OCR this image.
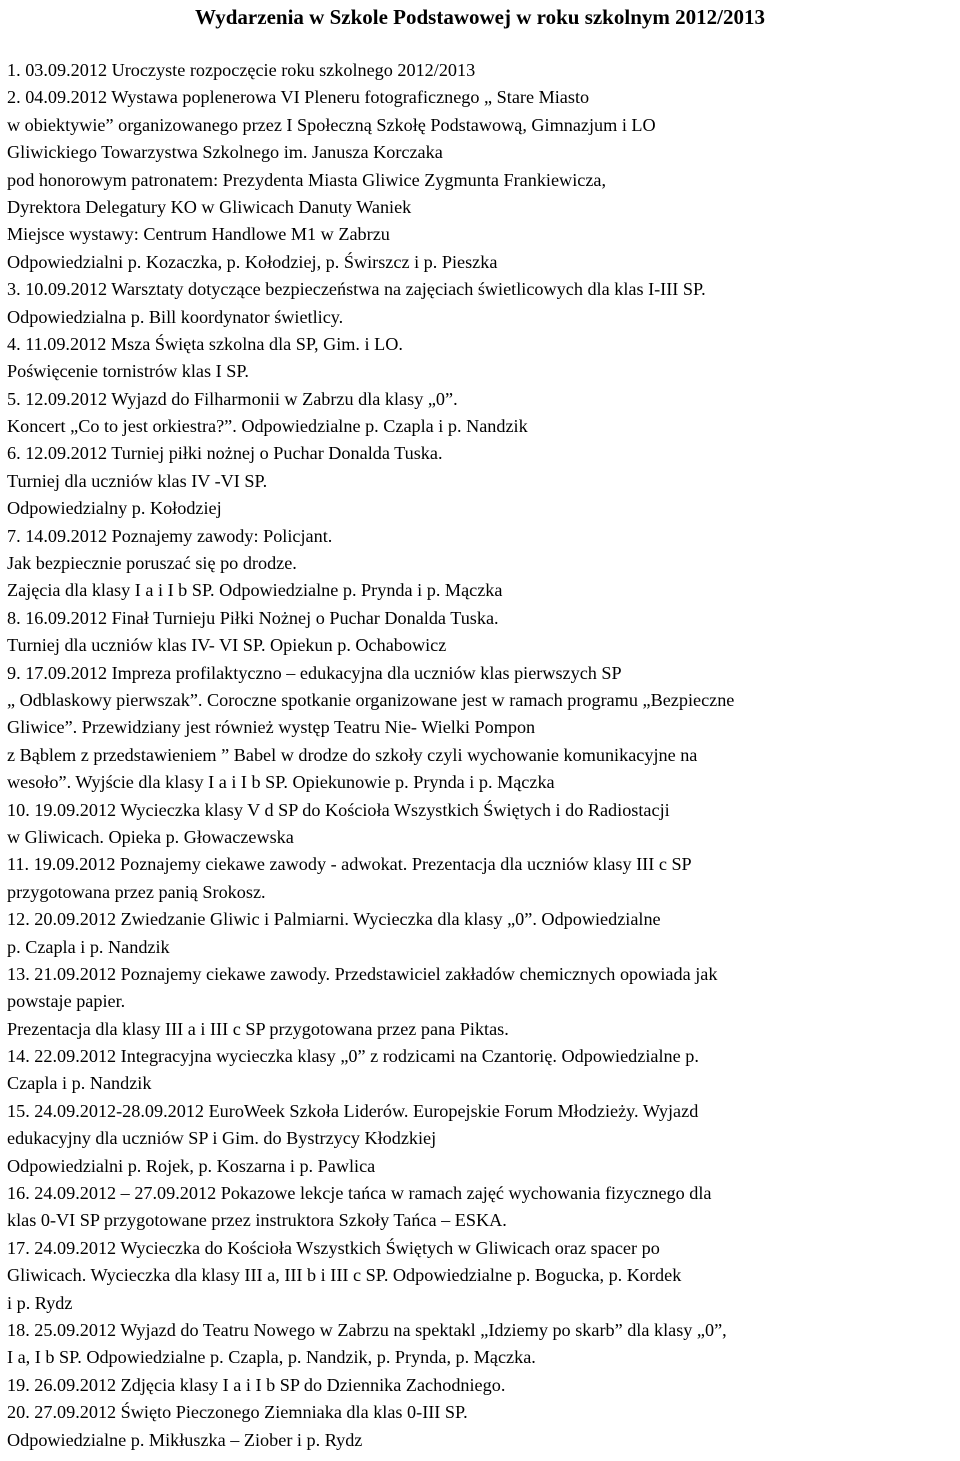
Wydarzenia w Szkole Podstawowej w roku szkolnym 2012/2013
1. 03.09.2012 Uroczyste rozpoczęcie roku szkolnego 2012/2013
2. 04.09.2012 Wystawa poplenerowa VI Pleneru fotograficznego „ Stare Miasto
w obiektywie” organizowanego przez I Społeczną Szkołę Podstawową, Gimnazjum i LO
Gliwickiego Towarzystwa Szkolnego im. Janusza Korczaka
pod honorowym patronatem: Prezydenta Miasta Gliwice Zygmunta Frankiewicza,
Dyrektora Delegatury KO w Gliwicach Danuty Waniek
Miejsce wystawy: Centrum Handlowe M1 w Zabrzu
Odpowiedzialni p. Kozaczka, p. Kołodziej, p. Świrszcz i p. Pieszka
3. 10.09.2012 Warsztaty dotyczące bezpieczeństwa na zajęciach świetlicowych dla klas I-III SP.
Odpowiedzialna p. Bill koordynator świetlicy.
4. 11.09.2012 Msza Święta szkolna dla SP, Gim. i LO.
Poświęcenie tornistrów klas I SP.
5. 12.09.2012 Wyjazd do Filharmonii w Zabrzu dla klasy „0”.
Koncert „Co to jest orkiestra?”. Odpowiedzialne p. Czapla i p. Nandzik
6. 12.09.2012 Turniej piłki nożnej o Puchar Donalda Tuska.
Turniej dla uczniów klas IV -VI SP.
Odpowiedzialny p. Kołodziej
7. 14.09.2012 Poznajemy zawody: Policjant.
Jak bezpiecznie poruszać się po drodze.
Zajęcia dla klasy I a i I b SP. Odpowiedzialne p. Prynda i p. Mączka
8. 16.09.2012 Finał Turnieju Piłki Nożnej o Puchar Donalda Tuska.
Turniej dla uczniów klas IV- VI SP. Opiekun p. Ochabowicz
9. 17.09.2012 Impreza profilaktyczno – edukacyjna dla uczniów klas pierwszych SP
„ Odblaskowy pierwszak”. Coroczne spotkanie organizowane jest w ramach programu „Bezpieczne
Gliwice”. Przewidziany jest również występ Teatru Nie- Wielki Pompon
z Bąblem z przedstawieniem ” Babel w drodze do szkoły czyli wychowanie komunikacyjne na
wesoło”. Wyjście dla klasy I a i I b SP. Opiekunowie p. Prynda i p. Mączka
10. 19.09.2012 Wycieczka klasy V d SP do Kościoła Wszystkich Świętych i do Radiostacji
w Gliwicach. Opieka p. Głowaczewska
11. 19.09.2012 Poznajemy ciekawe zawody - adwokat. Prezentacja dla uczniów klasy III c SP
przygotowana przez panią Srokosz.
12. 20.09.2012 Zwiedzanie Gliwic i Palmiarni. Wycieczka dla klasy „0”. Odpowiedzialne
p. Czapla i p. Nandzik
13. 21.09.2012 Poznajemy ciekawe zawody. Przedstawiciel zakładów chemicznych opowiada jak
powstaje papier.
Prezentacja dla klasy III a i III c SP przygotowana przez pana Piktas.
14. 22.09.2012 Integracyjna wycieczka klasy „0” z rodzicami na Czantorię. Odpowiedzialne p.
Czapla i p. Nandzik
15. 24.09.2012-28.09.2012 EuroWeek Szkoła Liderów. Europejskie Forum Młodzieży. Wyjazd
edukacyjny dla uczniów SP i Gim. do Bystrzycy Kłodzkiej
Odpowiedzialni p. Rojek, p. Koszarna i p. Pawlica
16. 24.09.2012 – 27.09.2012 Pokazowe lekcje tańca w ramach zajęć wychowania fizycznego dla
klas 0-VI SP przygotowane przez instruktora Szkoły Tańca – ESKA.
17. 24.09.2012 Wycieczka do Kościoła Wszystkich Świętych w Gliwicach oraz spacer po
Gliwicach. Wycieczka dla klasy III a, III b i III c SP. Odpowiedzialne p. Bogucka, p. Kordek
i p. Rydz
18. 25.09.2012 Wyjazd do Teatru Nowego w Zabrzu na spektakl „Idziemy po skarb” dla klasy „0”,
I a, I b SP. Odpowiedzialne p. Czapla, p. Nandzik, p. Prynda, p. Mączka.
19. 26.09.2012 Zdjęcia klasy I a i I b SP do Dziennika Zachodniego.
20. 27.09.2012 Święto Pieczonego Ziemniaka dla klas 0-III SP.
Odpowiedzialne p. Mikłuszka – Ziober i p. Rydz
